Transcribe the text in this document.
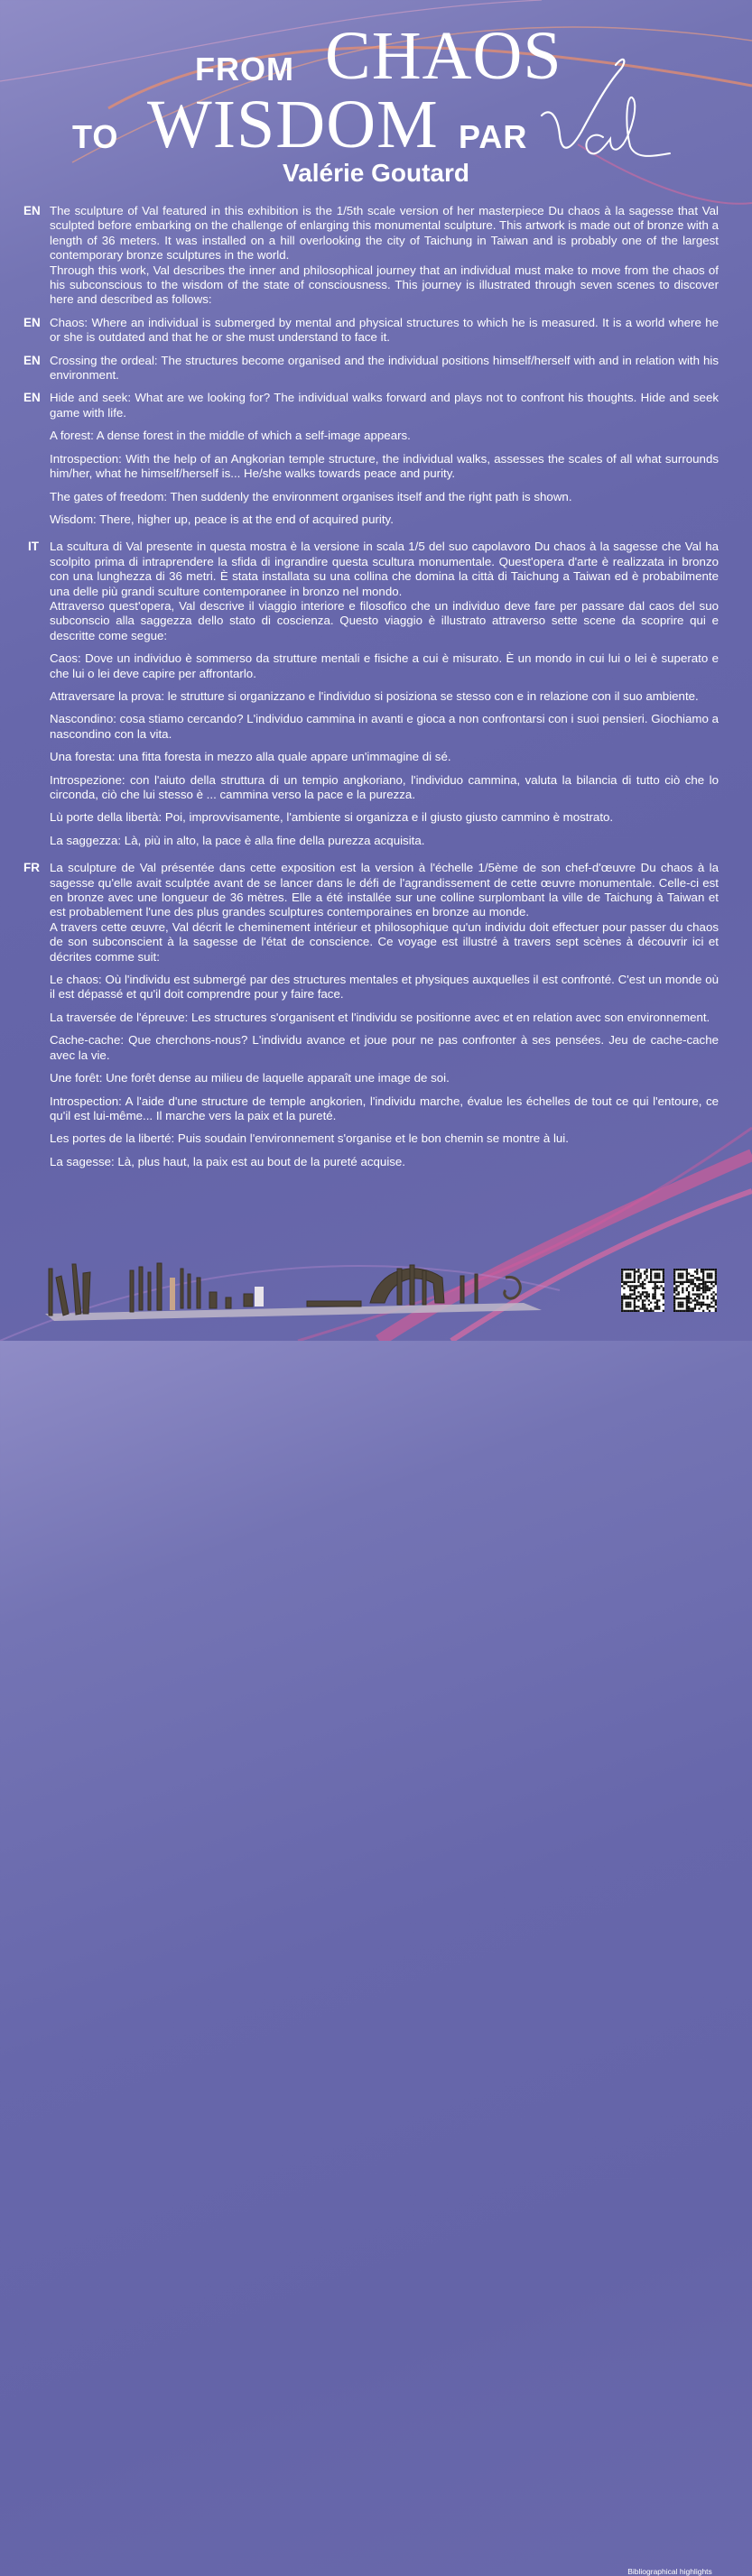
FROM CHAOS
TO WISDOM PAR
Valérie Goutard
EN The sculpture of Val featured in this exhibition is the 1/5th scale version of her masterpiece Du chaos à la sagesse that Val sculpted before embarking on the challenge of enlarging this monumental sculpture. This artwork is made out of bronze with a length of 36 meters. It was installed on a hill overlooking the city of Taichung in Taiwan and is probably one of the largest contemporary bronze sculptures in the world.
Through this work, Val describes the inner and philosophical journey that an individual must make to move from the chaos of his subconscious to the wisdom of the state of consciousness. This journey is illustrated through seven scenes to discover here and described as follows:
EN Chaos: Where an individual is submerged by mental and physical structures to which he is measured. It is a world where he or she is outdated and that he or she must understand to face it.
EN Crossing the ordeal: The structures become organised and the individual positions himself/herself with and in relation with his environment.
EN Hide and seek: What are we looking for? The individual walks forward and plays not to confront his thoughts. Hide and seek game with life.
A forest: A dense forest in the middle of which a self-image appears.
Introspection: With the help of an Angkorian temple structure, the individual walks, assesses the scales of all what surrounds him/her, what he himself/herself is... He/she walks towards peace and purity.
The gates of freedom: Then suddenly the environment organises itself and the right path is shown.
Wisdom: There, higher up, peace is at the end of acquired purity.
IT La scultura di Val presente in questa mostra è la versione in scala 1/5 del suo capolavoro Du chaos à la sagesse che Val ha scolpito prima di intraprendere la sfida di ingrandire questa scultura monumentale. Quest'opera d'arte è realizzata in bronzo con una lunghezza di 36 metri. È stata installata su una collina che domina la città di Taichung a Taiwan ed è probabilmente una delle più grandi sculture contemporanee in bronzo nel mondo.
Attraverso quest'opera, Val descrive il viaggio interiore e filosofico che un individuo deve fare per passare dal caos del suo subconscio alla saggezza dello stato di coscienza. Questo viaggio è illustrato attraverso sette scene da scoprire qui e descritte come segue:
Caos: Dove un individuo è sommerso da strutture mentali e fisiche a cui è misurato. È un mondo in cui lui o lei è superato e che lui o lei deve capire per affrontarlo.
Attraversare la prova: le strutture si organizzano e l'individuo si posiziona se stesso con e in relazione con il suo ambiente.
Nascondino: cosa stiamo cercando? L'individuo cammina in avanti e gioca a non confrontarsi con i suoi pensieri. Giochiamo a nascondino con la vita.
Una foresta: una fitta foresta in mezzo alla quale appare un'immagine di sé.
Introspezione: con l'aiuto della struttura di un tempio angkoriano, l'individuo cammina, valuta la bilancia di tutto ciò che lo circonda, ciò che lui stesso è ... cammina verso la pace e la purezza.
Lù porte della libertà: Poi, improvvisamente, l'ambiente si organizza e il giusto giusto cammino è mostrato.
La saggezza: Là, più in alto, la pace è alla fine della purezza acquisita.
FR La sculpture de Val présentée dans cette exposition est la version à l'échelle 1/5ème de son chef-d'œuvre Du chaos à la sagesse qu'elle avait sculptée avant de se lancer dans le défi de l'agrandissement de cette œuvre monumentale. Celle-ci est en bronze avec une longueur de 36 mètres. Elle a été installée sur une colline surplombant la ville de Taichung à Taiwan et est probablement l'une des plus grandes sculptures contemporaines en bronze au monde.
A travers cette œuvre, Val décrit le cheminement intérieur et philosophique qu'un individu doit effectuer pour passer du chaos de son subconscient à la sagesse de l'état de conscience. Ce voyage est illustré à travers sept scènes à découvrir ici et décrites comme suit:
Le chaos: Où l'individu est submergé par des structures mentales et physiques auxquelles il est confronté. C'est un monde où il est dépassé et qu'il doit comprendre pour y faire face.
La traversée de l'épreuve: Les structures s'organisent et l'individu se positionne avec et en relation avec son environnement.
Cache-cache: Que cherchons-nous? L'individu avance et joue pour ne pas confronter à ses pensées. Jeu de cache-cache avec la vie.
Une forêt: Une forêt dense au milieu de laquelle apparaît une image de soi.
Introspection: A l'aide d'une structure de temple angkorien, l'individu marche, évalue les échelles de tout ce qui l'entoure, ce qu'il est lui-même... Il marche vers la paix et la pureté.
Les portes de la liberté: Puis soudain l'environnement s'organise et le bon chemin se montre à lui.
La sagesse: Là, plus haut, la paix est au bout de la pureté acquise.
Bibliographical highlights
